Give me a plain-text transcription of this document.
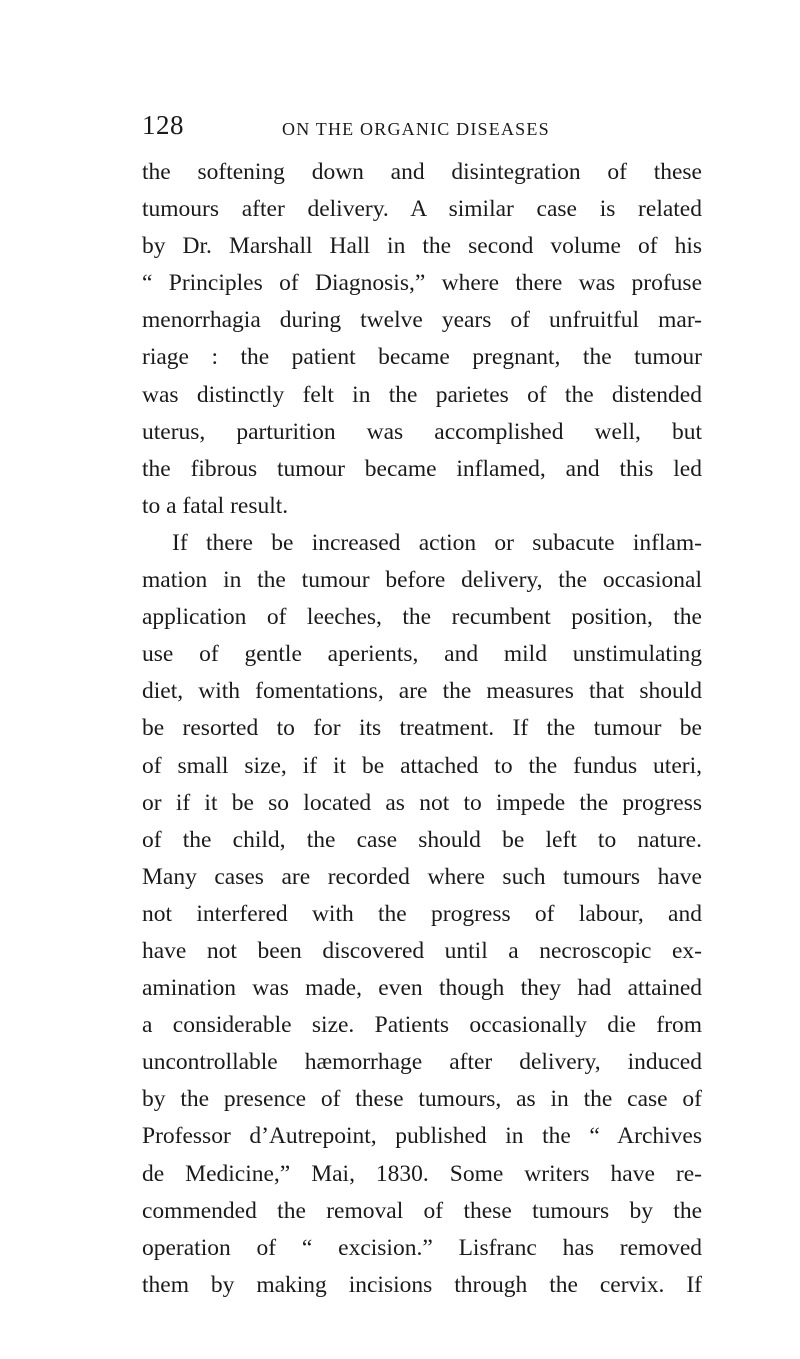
128	ON THE ORGANIC DISEASES
the softening down and disintegration of these
tumours after delivery. A similar case is related
by Dr. Marshall Hall in the second volume of his
“ Principles of Diagnosis,” where there was profuse
menorrhagia during twelve years of unfruitful mar-
riage : the patient became pregnant, the tumour
was distinctly felt in the parietes of the distended
uterus, parturition was accomplished well, but
the fibrous tumour became inflamed, and this led
to a fatal result.
If there be increased action or subacute inflam-
mation in the tumour before delivery, the occasional
application of leeches, the recumbent position, the
use of gentle aperients, and mild unstimulating
diet, with fomentations, are the measures that should
be resorted to for its treatment. If the tumour be
of small size, if it be attached to the fundus uteri,
or if it be so located as not to impede the progress
of the child, the case should be left to nature.
Many cases are recorded where such tumours have
not interfered with the progress of labour, and
have not been discovered until a necroscopic ex-
amination was made, even though they had attained
a considerable size. Patients occasionally die from
uncontrollable hæmorrhage after delivery, induced
by the presence of these tumours, as in the case of
Professor d’Autrepoint, published in the “ Archives
de Medicine,” Mai, 1830. Some writers have re-
commended the removal of these tumours by the
operation of “ excision.” Lisfranc has removed
them by making incisions through the cervix. If
